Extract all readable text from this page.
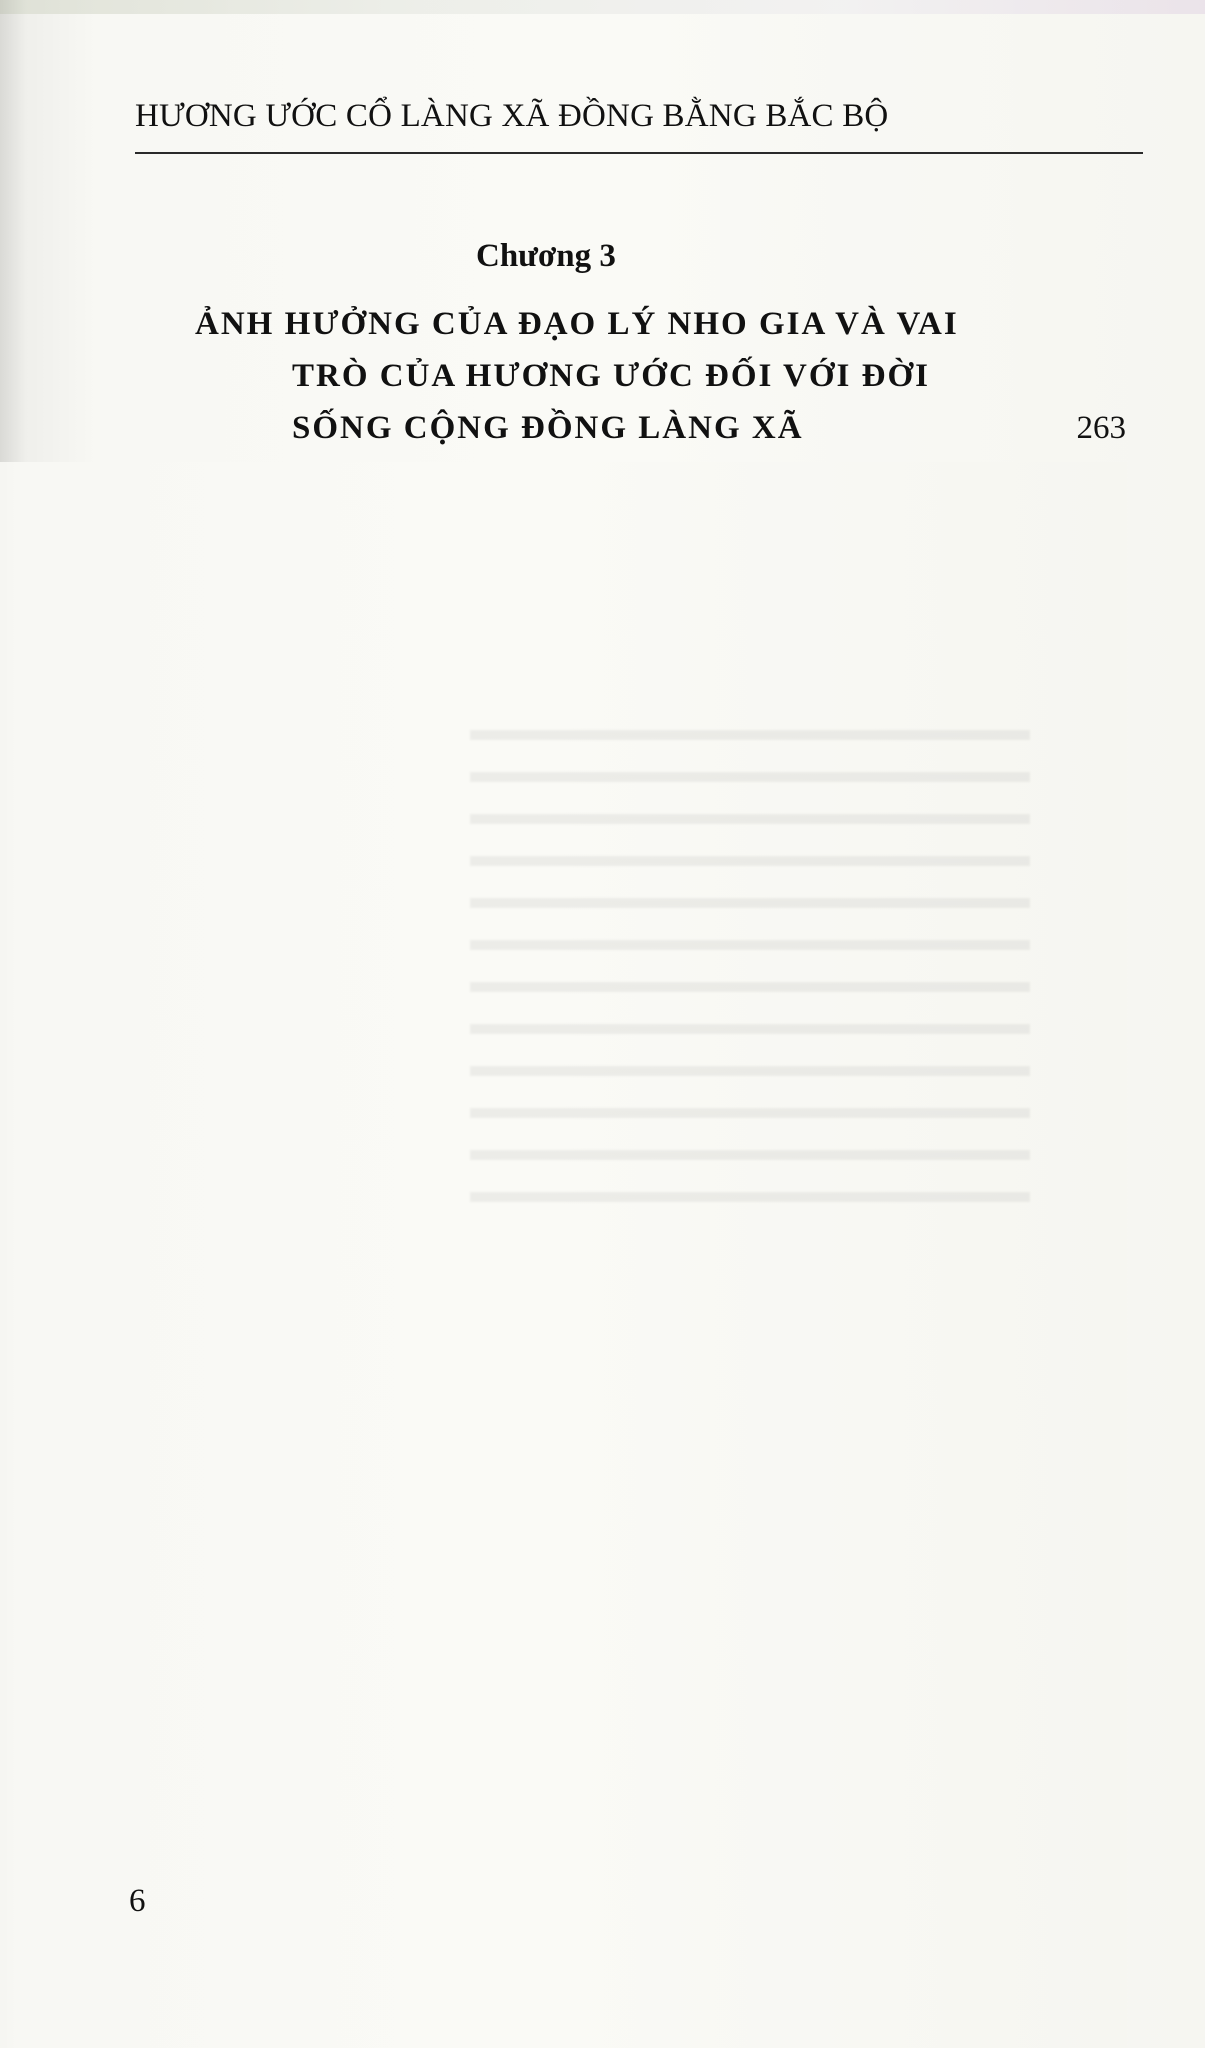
HƯƠNG ƯỚC CỔ LÀNG XÃ ĐỒNG BẰNG BẮC BỘ
Chương 3
ẢNH HƯỞNG CỦA ĐẠO LÝ NHO GIA VÀ VAI
TRÒ CỦA HƯƠNG ƯỚC ĐỐI VỚI ĐỜI
SỐNG CỘNG ĐỒNG LÀNG XÃ	263
6
